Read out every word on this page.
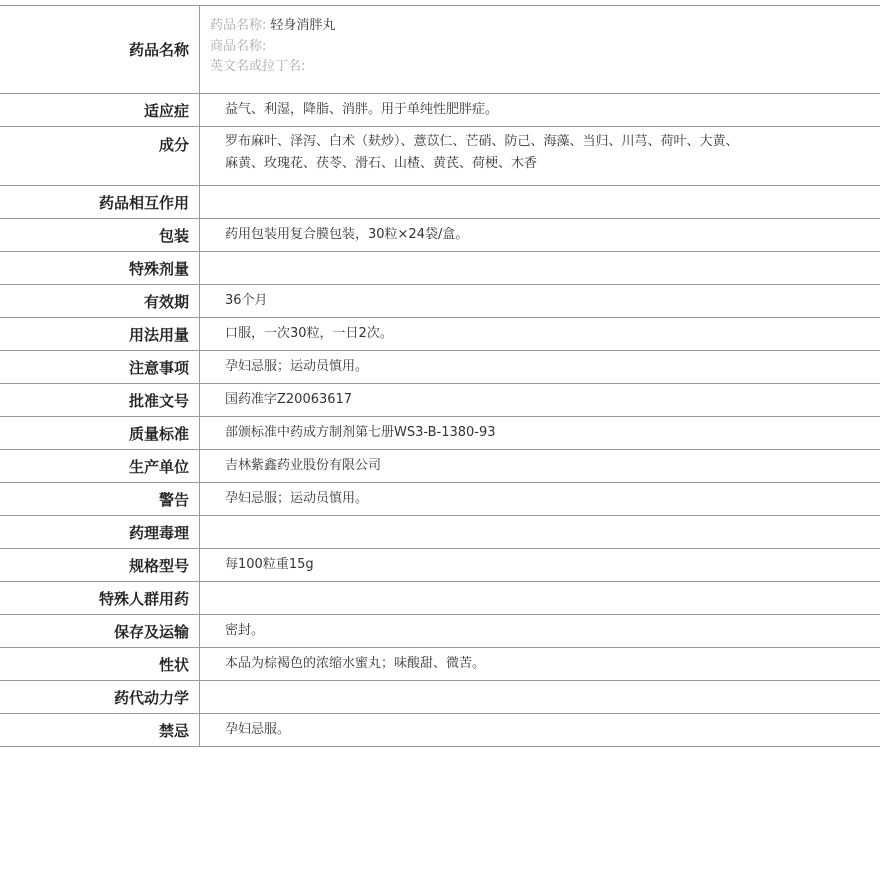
药品名称	药品名称: 轻身消胖丸
商品名称:
英文名或拉丁名:

适应症	益气、利湿，降脂、消胖。用于单纯性肥胖症。
成分	罗布麻叶、泽泻、白术（麸炒）、薏苡仁、芒硝、防己、海藻、当归、川芎、荷叶、大黄、
麻黄、玫瑰花、茯苓、滑石、山楂、黄芪、荷梗、木香

药品相互作用	
包装	药用包装用复合膜包装，30粒×24袋/盒。
特殊剂量	
有效期	36个月
用法用量	口服，一次30粒，一日2次。
注意事项	孕妇忌服；运动员慎用。
批准文号	国药准字Z20063617
质量标准	部颁标准中药成方制剂第七册WS3-B-1380-93
生产单位	吉林紫鑫药业股份有限公司
警告	孕妇忌服；运动员慎用。
药理毒理	
规格型号	每100粒重15g
特殊人群用药	
保存及运输	密封。
性状	本品为棕褐色的浓缩水蜜丸；味酸甜、微苦。
药代动力学	
禁忌	孕妇忌服。
